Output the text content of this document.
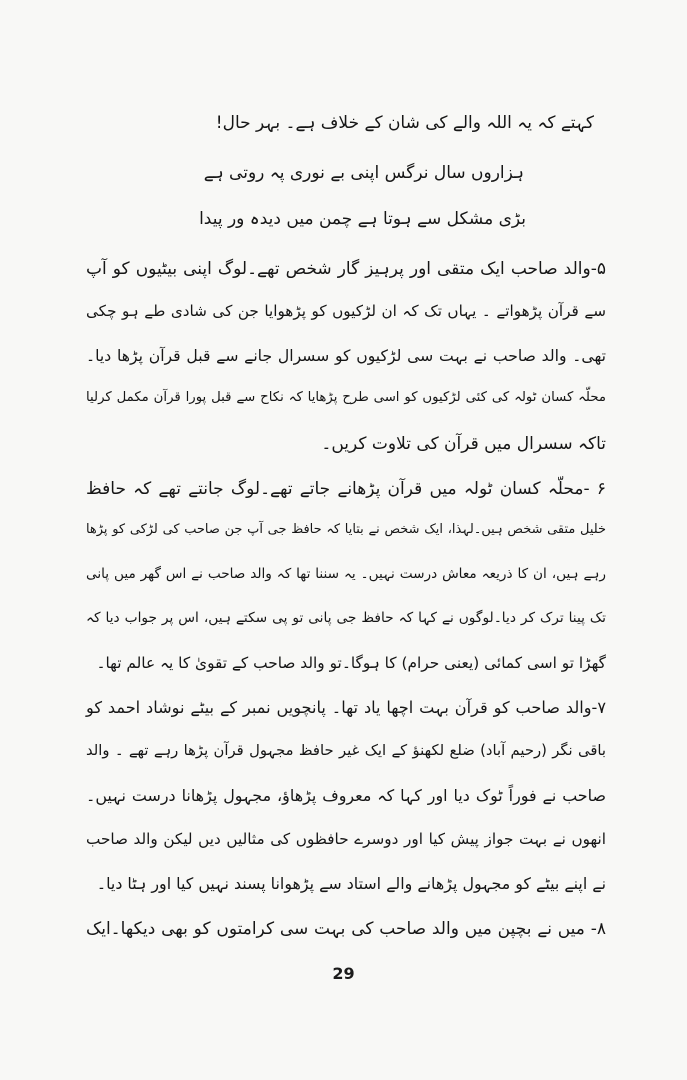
کہتے کہ یہ اللہ والے کی شان کے خلاف ہے۔ بہر حال!
ہزاروں سال نرگس اپنی بے نوری پہ روتی ہے
بڑی مشکل سے ہوتا ہے چمن میں دیدہ ور پیدا
۵-والد صاحب ایک متقی اور پرہیز گار شخص تھے۔لوگ اپنی بیٹیوں کو آپ
سے قرآن پڑھواتے ۔ یہاں تک کہ ان لڑکیوں کو پڑھوایا جن کی شادی طے ہو چکی
تھی۔ والد صاحب نے بہت سی لڑکیوں کو سسرال جانے سے قبل قرآن پڑھا دیا۔
محلّہ کسان ٹولہ کی کئی لڑکیوں کو اسی طرح پڑھایا کہ نکاح سے قبل پورا قرآن مکمل کرلیا
تاکہ سسرال میں قرآن کی تلاوت کریں۔
۶ -محلّہ کسان ٹولہ میں قرآن پڑھانے جاتے تھے۔لوگ جانتے تھے کہ حافظ
خلیل متقی شخص ہیں۔لہذا، ایک شخص نے بتایا کہ حافظ جی آپ جن صاحب کی لڑکی کو پڑھا
رہے ہیں، ان کا ذریعہ معاش درست نہیں۔ یہ سننا تھا کہ والد صاحب نے اس گھر میں پانی
تک پینا ترک کر دیا۔لوگوں نے کہا کہ حافظ جی پانی تو پی سکتے ہیں، اس پر جواب دیا کہ
گھڑا تو اسی کمائی (یعنی حرام) کا ہوگا۔تو والد صاحب کے تقویٰ کا یہ عالم تھا۔
۷-والد صاحب کو قرآن بہت اچھا یاد تھا۔ پانچویں نمبر کے بیٹے نوشاد احمد کو
باقی نگر (رحیم آباد) ضلع لکھنؤ کے ایک غیر حافظ مجہول قرآن پڑھا رہے تھے ۔ والد
صاحب نے فوراً ٹوک دیا اور کہا کہ معروف پڑھاؤ، مجہول پڑھانا درست نہیں۔
انھوں نے بہت جواز پیش کیا اور دوسرے حافظوں کی مثالیں دیں لیکن والد صاحب
نے اپنے بیٹے کو مجہول پڑھانے والے استاد سے پڑھوانا پسند نہیں کیا اور ہٹا دیا۔
۸- میں نے بچپن میں والد صاحب کی بہت سی کرامتوں کو بھی دیکھا۔ایک
29
